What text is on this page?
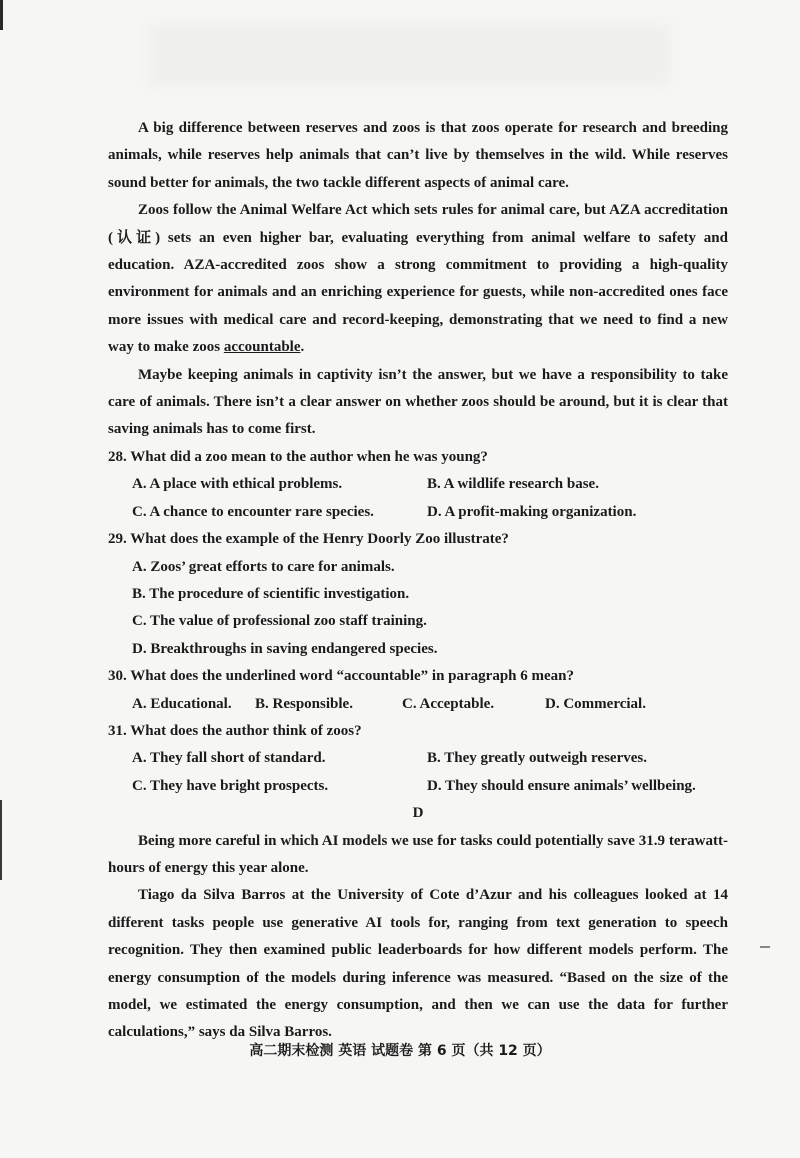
A big difference between reserves and zoos is that zoos operate for research and breeding animals, while reserves help animals that can’t live by themselves in the wild. While reserves sound better for animals, the two tackle different aspects of animal care.

Zoos follow the Animal Welfare Act which sets rules for animal care, but AZA accreditation (认证) sets an even higher bar, evaluating everything from animal welfare to safety and education. AZA-accredited zoos show a strong commitment to providing a high-quality environment for animals and an enriching experience for guests, while non-accredited ones face more issues with medical care and record-keeping, demonstrating that we need to find a new way to make zoos accountable.

Maybe keeping animals in captivity isn’t the answer, but we have a responsibility to take care of animals. There isn’t a clear answer on whether zoos should be around, but it is clear that saving animals has to come first.

28. What did a zoo mean to the author when he was young?

A. A place with ethical problems.	B. A wildlife research base.
C. A chance to encounter rare species.	D. A profit-making organization.

29. What does the example of the Henry Doorly Zoo illustrate?

A. Zoos’ great efforts to care for animals.

B. The procedure of scientific investigation.

C. The value of professional zoo staff training.

D. Breakthroughs in saving endangered species.

30. What does the underlined word “accountable” in paragraph 6 mean?

A. Educational.	B. Responsible.	C. Acceptable.	D. Commercial.

31. What does the author think of zoos?

A. They fall short of standard.	B. They greatly outweigh reserves.
C. They have bright prospects.	D. They should ensure animals’ wellbeing.

D

Being more careful in which AI models we use for tasks could potentially save 31.9 terawatt-hours of energy this year alone.

Tiago da Silva Barros at the University of Cote d’Azur and his colleagues looked at 14 different tasks people use generative AI tools for, ranging from text generation to speech recognition. They then examined public leaderboards for how different models perform. The energy consumption of the models during inference was measured. “Based on the size of the model, we estimated the energy consumption, and then we can use the data for further calculations,” says da Silva Barros.

高二期末检测 英语 试题卷 第 6 页（共 12 页）
